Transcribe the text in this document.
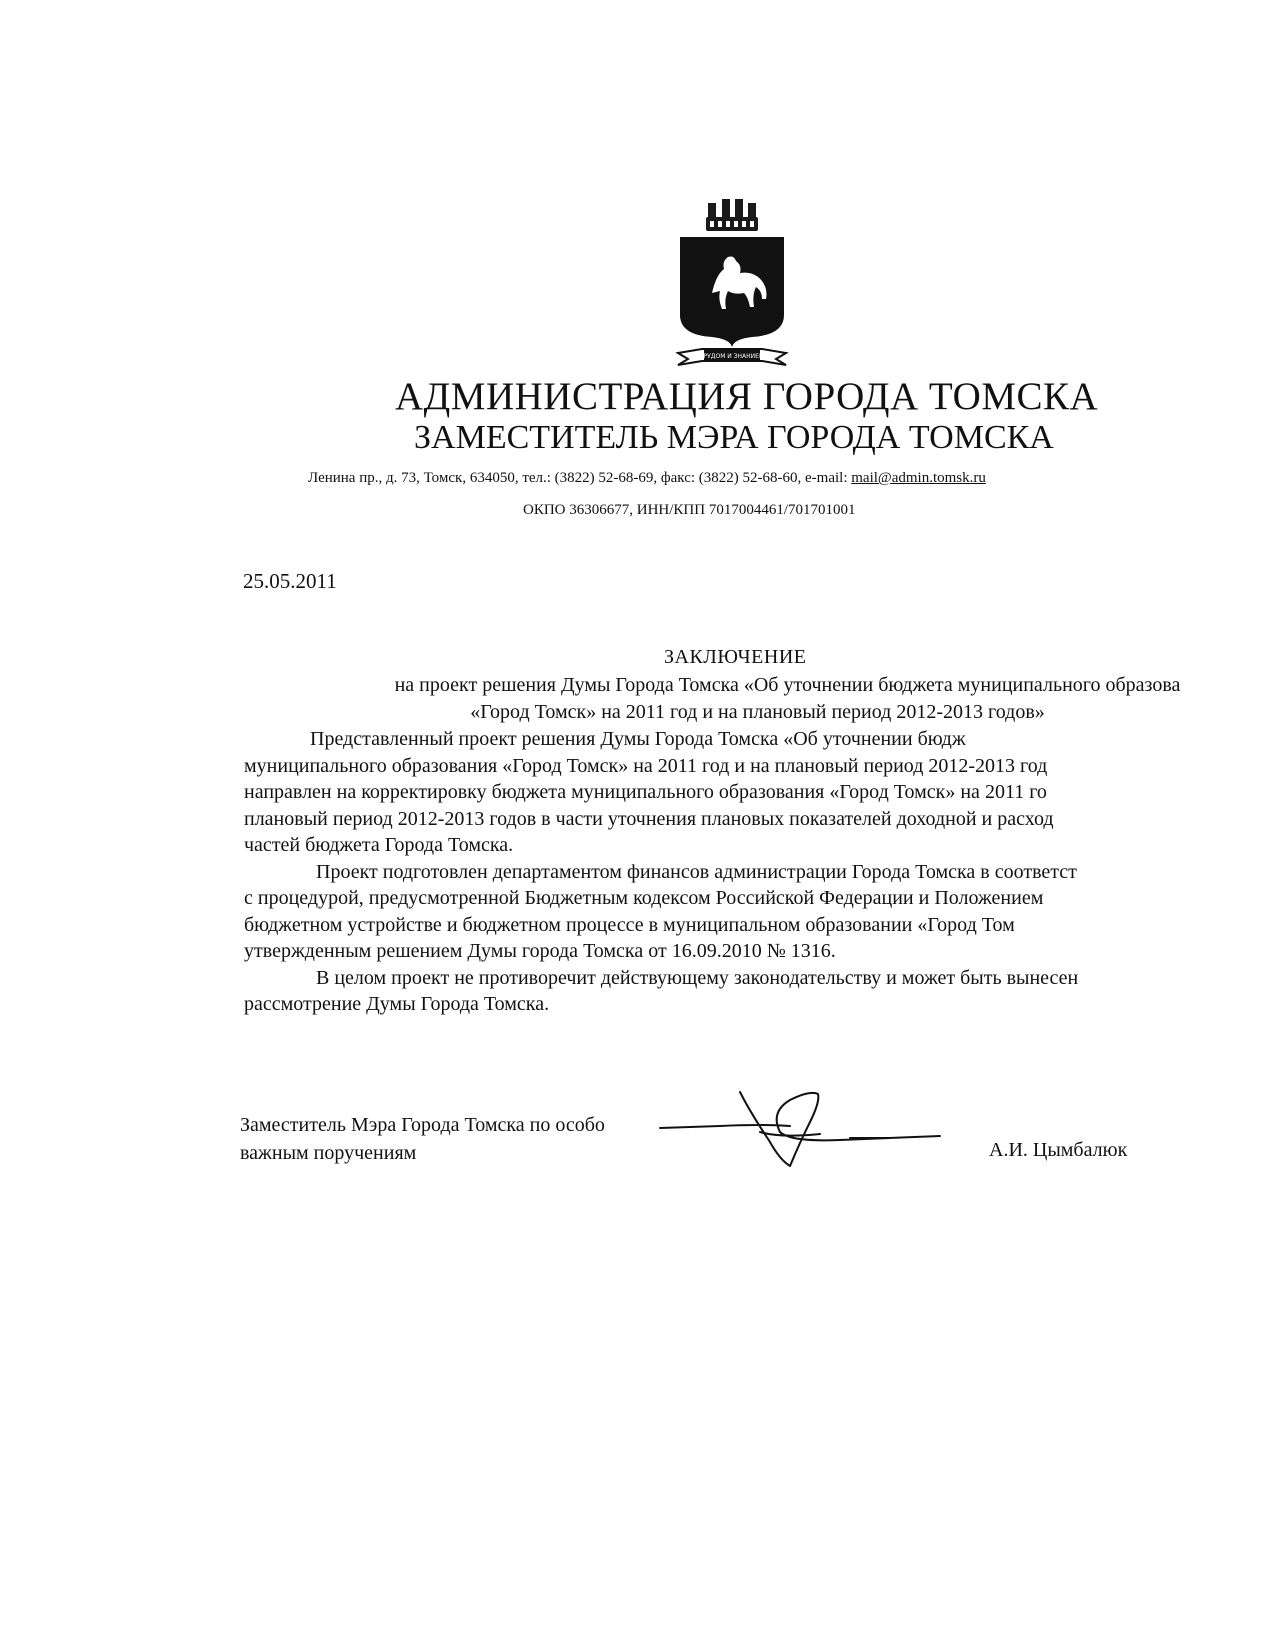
ТРУДОМ И ЗНАНИЕМ
АДМИНИСТРАЦИЯ ГОРОДА ТОМСКА
ЗАМЕСТИТЕЛЬ МЭРА ГОРОДА ТОМСКА
Ленина пр., д. 73, Томск, 634050, тел.: (3822) 52-68-69, факс: (3822) 52-68-60, e-mail: mail@admin.tomsk.ru
ОКПО 36306677, ИНН/КПП 7017004461/701701001
25.05.2011
ЗАКЛЮЧЕНИЕ
на проект решения Думы Города Томска «Об уточнении бюджета муниципального образова
«Город Томск» на 2011 год и на плановый период 2012-2013 годов»

Представленный проект решения Думы Города Томска «Об уточнении бюдж
муниципального образования «Город Томск» на 2011 год и на плановый период 2012-2013 год
направлен на корректировку бюджета муниципального образования «Город Томск» на 2011 го
плановый период 2012-2013 годов в части уточнения плановых показателей доходной и расход
частей бюджета Города Томска.

Проект подготовлен департаментом финансов администрации Города Томска в соответст
с процедурой, предусмотренной Бюджетным кодексом Российской Федерации и Положением
бюджетном устройстве и бюджетном процессе в муниципальном образовании «Город Том
утвержденным решением Думы города Томска от 16.09.2010 № 1316.

В целом проект не противоречит действующему законодательству и может быть вынесен
рассмотрение Думы Города Томска.

Заместитель Мэра Города Томска по особо
важным поручениям	А.И. Цымбалюк
